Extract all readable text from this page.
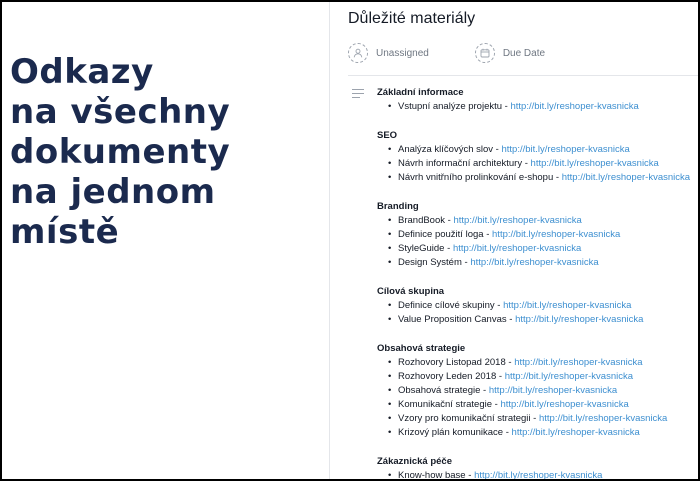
Odkazy
na všechny
dokumenty
na jednom
místě
Důležité materiály
Unassigned	Due Date
Základní informace
• Vstupní analýze projektu - http://bit.ly/reshoper-kvasnicka
SEO
• Analýza klíčových slov - http://bit.ly/reshoper-kvasnicka
• Návrh informační architektury - http://bit.ly/reshoper-kvasnicka
• Návrh vnitřního prolinkování e-shopu - http://bit.ly/reshoper-kvasnicka
Branding
• BrandBook - http://bit.ly/reshoper-kvasnicka
• Definice použití loga - http://bit.ly/reshoper-kvasnicka
• StyleGuide - http://bit.ly/reshoper-kvasnicka
• Design Systém - http://bit.ly/reshoper-kvasnicka
Cílová skupina
• Definice cílové skupiny - http://bit.ly/reshoper-kvasnicka
• Value Proposition Canvas - http://bit.ly/reshoper-kvasnicka
Obsahová strategie
• Rozhovory Listopad 2018 - http://bit.ly/reshoper-kvasnicka
• Rozhovory Leden 2018 - http://bit.ly/reshoper-kvasnicka
• Obsahová strategie - http://bit.ly/reshoper-kvasnicka
• Komunikační strategie - http://bit.ly/reshoper-kvasnicka
• Vzory pro komunikační strategii - http://bit.ly/reshoper-kvasnicka
• Krizový plán komunikace - http://bit.ly/reshoper-kvasnicka
Zákaznická péče
• Know-how base - http://bit.ly/reshoper-kvasnicka
